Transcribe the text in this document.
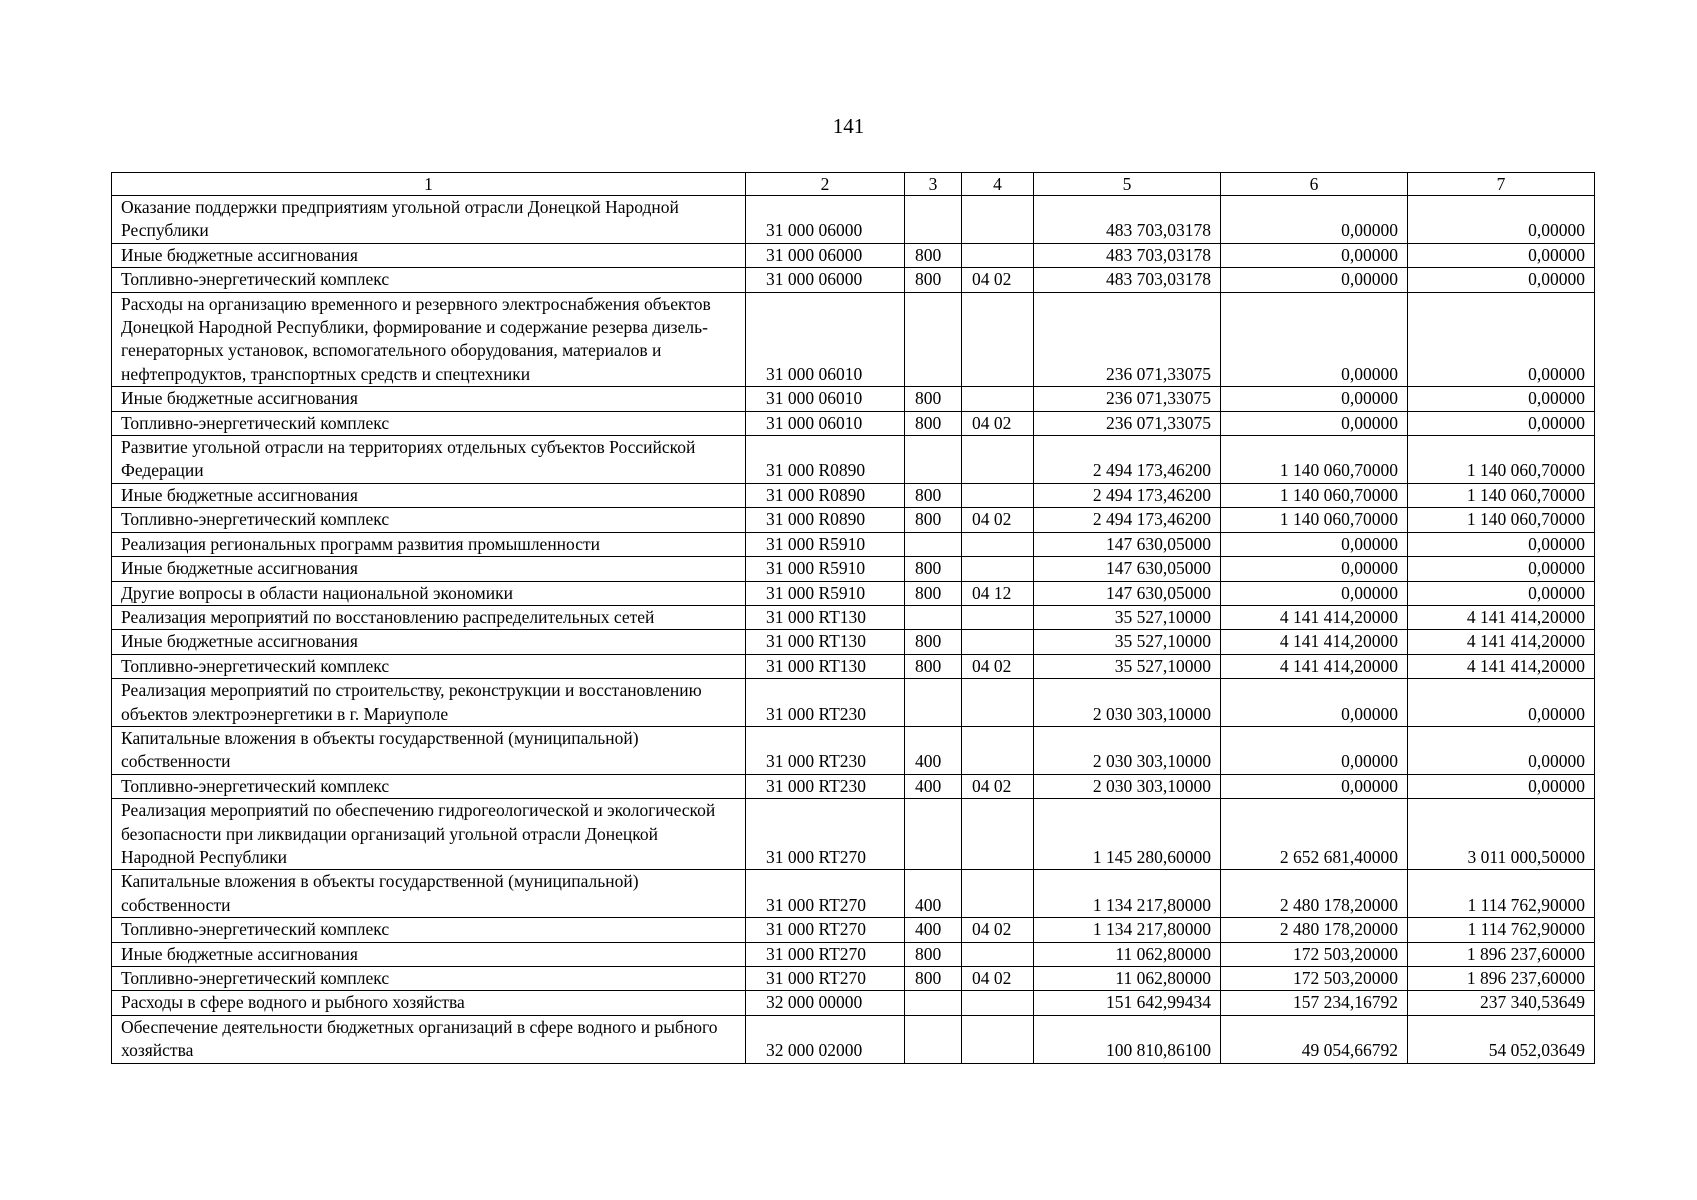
141
1	2	3	4	5	6	7
Оказание поддержки предприятиям угольной отрасли Донецкой Народной Республики	31 000 06000			483 703,03178	0,00000	0,00000
Иные бюджетные ассигнования	31 000 06000	800		483 703,03178	0,00000	0,00000
Топливно-энергетический комплекс	31 000 06000	800	04 02	483 703,03178	0,00000	0,00000
Расходы на организацию временного и резервного электроснабжения объектов Донецкой Народной Республики, формирование и содержание резерва дизель-генераторных установок, вспомогательного оборудования, материалов и нефтепродуктов, транспортных средств и спецтехники	31 000 06010			236 071,33075	0,00000	0,00000
Иные бюджетные ассигнования	31 000 06010	800		236 071,33075	0,00000	0,00000
Топливно-энергетический комплекс	31 000 06010	800	04 02	236 071,33075	0,00000	0,00000
Развитие угольной отрасли на территориях отдельных субъектов Российской Федерации	31 000 R0890			2 494 173,46200	1 140 060,70000	1 140 060,70000
Иные бюджетные ассигнования	31 000 R0890	800		2 494 173,46200	1 140 060,70000	1 140 060,70000
Топливно-энергетический комплекс	31 000 R0890	800	04 02	2 494 173,46200	1 140 060,70000	1 140 060,70000
Реализация региональных программ развития промышленности	31 000 R5910			147 630,05000	0,00000	0,00000
Иные бюджетные ассигнования	31 000 R5910	800		147 630,05000	0,00000	0,00000
Другие вопросы в области национальной экономики	31 000 R5910	800	04 12	147 630,05000	0,00000	0,00000
Реализация мероприятий по восстановлению распределительных сетей	31 000 RT130			35 527,10000	4 141 414,20000	4 141 414,20000
Иные бюджетные ассигнования	31 000 RT130	800		35 527,10000	4 141 414,20000	4 141 414,20000
Топливно-энергетический комплекс	31 000 RT130	800	04 02	35 527,10000	4 141 414,20000	4 141 414,20000
Реализация мероприятий по строительству, реконструкции и восстановлению объектов электроэнергетики в г. Мариуполе	31 000 RT230			2 030 303,10000	0,00000	0,00000
Капитальные вложения в объекты государственной (муниципальной) собственности	31 000 RT230	400		2 030 303,10000	0,00000	0,00000
Топливно-энергетический комплекс	31 000 RT230	400	04 02	2 030 303,10000	0,00000	0,00000
Реализация мероприятий по обеспечению гидрогеологической и экологической безопасности при ликвидации организаций угольной отрасли Донецкой Народной Республики	31 000 RT270			1 145 280,60000	2 652 681,40000	3 011 000,50000
Капитальные вложения в объекты государственной (муниципальной) собственности	31 000 RT270	400		1 134 217,80000	2 480 178,20000	1 114 762,90000
Топливно-энергетический комплекс	31 000 RT270	400	04 02	1 134 217,80000	2 480 178,20000	1 114 762,90000
Иные бюджетные ассигнования	31 000 RT270	800		11 062,80000	172 503,20000	1 896 237,60000
Топливно-энергетический комплекс	31 000 RT270	800	04 02	11 062,80000	172 503,20000	1 896 237,60000
Расходы в сфере водного и рыбного хозяйства	32 000 00000			151 642,99434	157 234,16792	237 340,53649
Обеспечение деятельности бюджетных организаций в сфере водного и рыбного хозяйства	32 000 02000			100 810,86100	49 054,66792	54 052,03649
